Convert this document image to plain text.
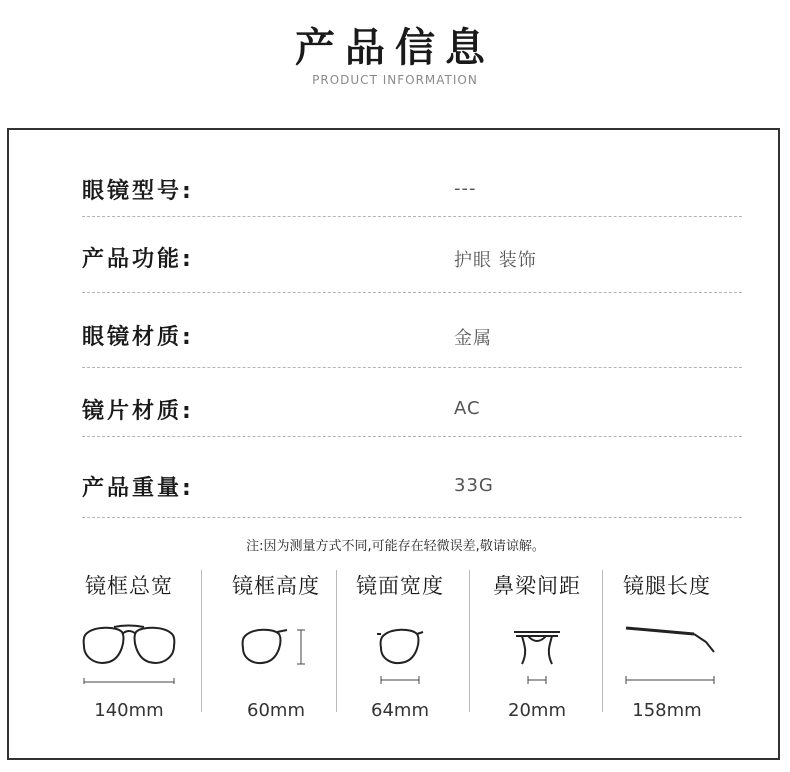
产品信息
PRODUCT INFORMATION
眼镜型号:	---
产品功能:	护眼 装饰
眼镜材质:	金属
镜片材质:	AC
产品重量:	33G
注:因为测量方式不同,可能存在轻微误差,敬请谅解。
镜框总宽
140mm
镜框高度
60mm
镜面宽度
64mm
鼻梁间距
20mm
镜腿长度
158mm
